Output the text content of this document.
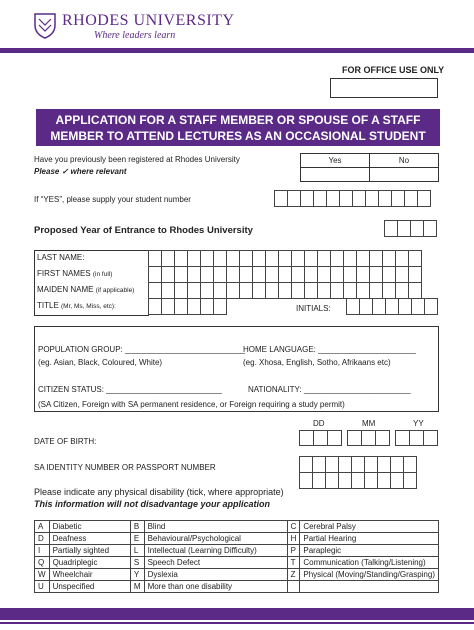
RHODES UNIVERSITY
Where leaders learn
FOR OFFICE USE ONLY
APPLICATION FOR A STAFF MEMBER OR SPOUSE OF A STAFF
MEMBER TO ATTEND LECTURES AS AN OCCASIONAL STUDENT
Have you previously been registered at Rhodes University
Please ✓ where relevant
Yes	No
If “YES”, please supply your student number
Proposed Year of Entrance to Rhodes University
LAST NAME:
FIRST NAMES (in full)
MAIDEN NAME (if applicable)
TITLE (Mr, Ms, Miss, etc):	INITIALS:
POPULATION GROUP: ___________________________
(eg. Asian, Black, Coloured, White)
HOME LANGUAGE: ______________________
(eg. Xhosa, English, Sotho, Afrikaans etc)
CITIZEN STATUS: __________________________	NATIONALITY: ________________________
(SA Citizen, Foreign with SA permanent residence, or Foreign requiring a study permit)
DD	MM	YY
DATE OF BIRTH:
SA IDENTITY NUMBER OR PASSPORT NUMBER
Please indicate any physical disability (tick, where appropriate)
This information will not disadvantage your application
A	Diabetic	B	Blind	C	Cerebral Palsy
D	Deafness	E	Behavioural/Psychological	H	Partial Hearing
I	Partially sighted	L	Intellectual (Learning Difficulty)	P	Paraplegic
Q	Quadriplegic	S	Speech Defect	T	Communication (Talking/Listening)
W	Wheelchair	Y	Dyslexia	Z	Physical (Moving/Standing/Grasping)
U	Unspecified	M	More than one disability		
